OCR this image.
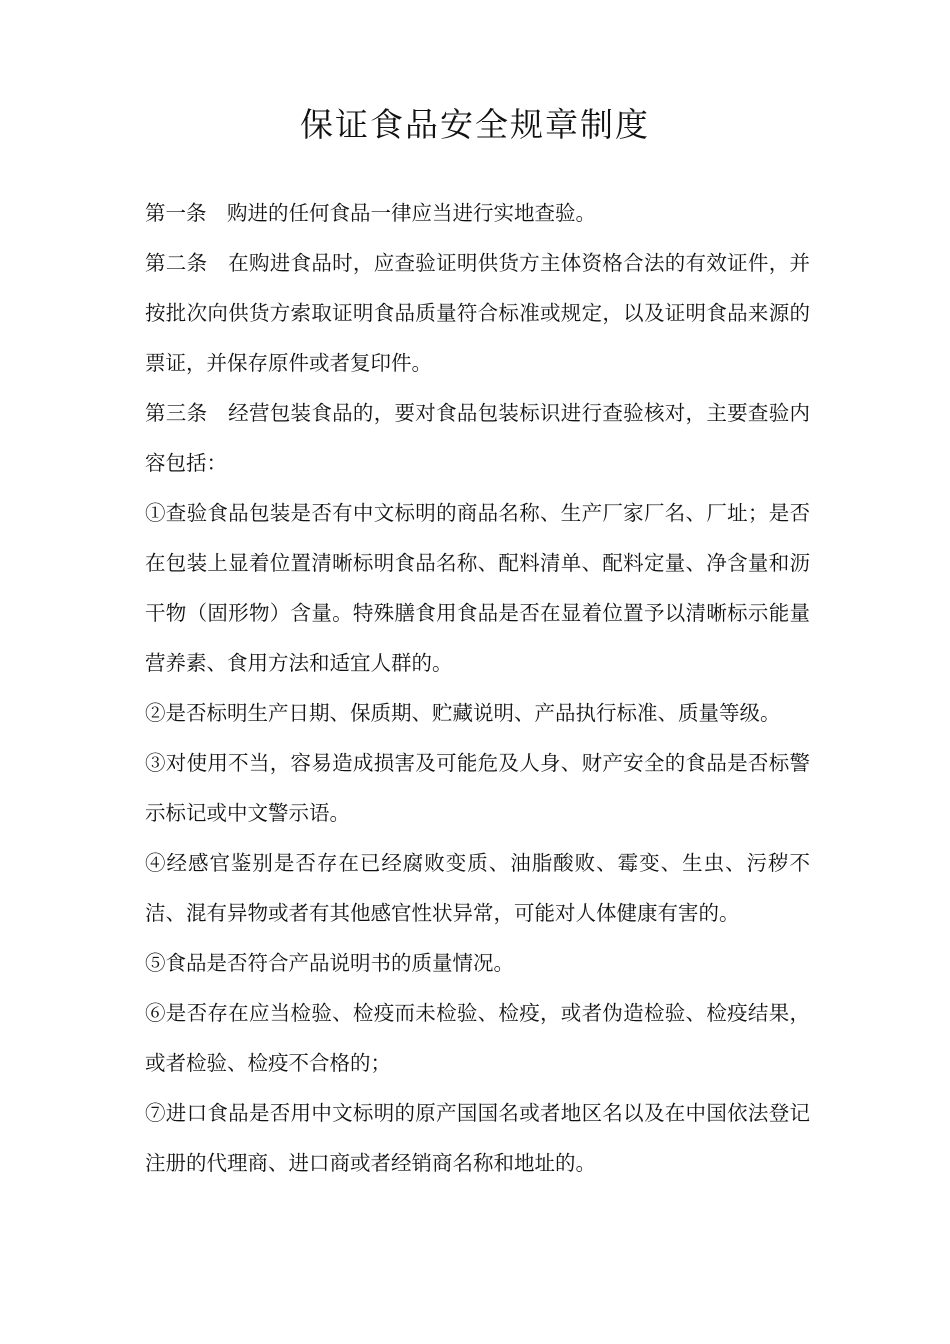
保证食品安全规章制度

第一条　购进的任何食品一律应当进行实地查验。

第二条　在购进食品时，应查验证明供货方主体资格合法的有效证件，并按批次向供货方索取证明食品质量符合标准或规定，以及证明食品来源的票证，并保存原件或者复印件。

第三条　经营包装食品的，要对食品包装标识进行查验核对，主要查验内容包括：

①查验食品包装是否有中文标明的商品名称、生产厂家厂名、厂址；是否在包装上显着位置清晰标明食品名称、配料清单、配料定量、净含量和沥干物（固形物）含量。特殊膳食用食品是否在显着位置予以清晰标示能量营养素、食用方法和适宜人群的。

②是否标明生产日期、保质期、贮藏说明、产品执行标准、质量等级。

③对使用不当，容易造成损害及可能危及人身、财产安全的食品是否标警示标记或中文警示语。

④经感官鉴别是否存在已经腐败变质、油脂酸败、霉变、生虫、污秽不洁、混有异物或者有其他感官性状异常，可能对人体健康有害的。

⑤食品是否符合产品说明书的质量情况。

⑥是否存在应当检验、检疫而未检验、检疫，或者伪造检验、检疫结果，或者检验、检疫不合格的；

⑦进口食品是否用中文标明的原产国国名或者地区名以及在中国依法登记注册的代理商、进口商或者经销商名称和地址的。
